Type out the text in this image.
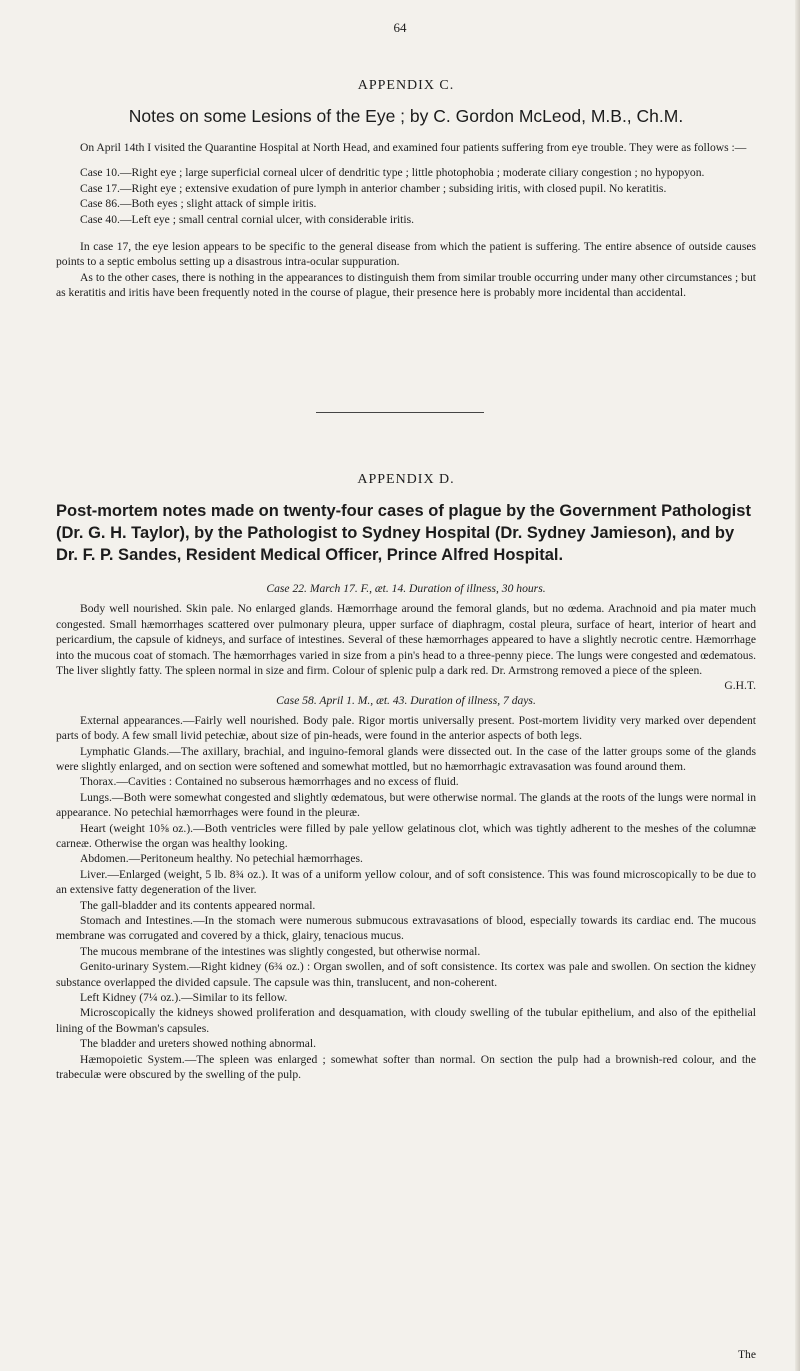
64
APPENDIX C.
Notes on some Lesions of the Eye ; by C. Gordon McLeod, M.B., Ch.M.

On April 14th I visited the Quarantine Hospital at North Head, and examined four patients suffering from eye trouble. They were as follows :—

Case 10.—Right eye ; large superficial corneal ulcer of dendritic type ; little photophobia ; moderate ciliary congestion ; no hypopyon.
Case 17.—Right eye ; extensive exudation of pure lymph in anterior chamber ; subsiding iritis, with closed pupil. No keratitis.
Case 86.—Both eyes ; slight attack of simple iritis.
Case 40.—Left eye ; small central cornial ulcer, with considerable iritis.

In case 17, the eye lesion appears to be specific to the general disease from which the patient is suffering. The entire absence of outside causes points to a septic embolus setting up a disastrous intra-ocular suppuration.

As to the other cases, there is nothing in the appearances to distinguish them from similar trouble occurring under many other circumstances ; but as keratitis and iritis have been frequently noted in the course of plague, their presence here is probably more incidental than accidental.

APPENDIX D.
Post-mortem notes made on twenty-four cases of plague by the Government Pathologist (Dr. G. H. Taylor), by the Pathologist to Sydney Hospital (Dr. Sydney Jamieson), and by Dr. F. P. Sandes, Resident Medical Officer, Prince Alfred Hospital.
Case 22. March 17. F., æt. 14. Duration of illness, 30 hours.

Body well nourished. Skin pale. No enlarged glands. Hæmorrhage around the femoral glands, but no œdema. Arachnoid and pia mater much congested. Small hæmorrhages scattered over pulmonary pleura, upper surface of diaphragm, costal pleura, surface of heart, interior of heart and pericardium, the capsule of kidneys, and surface of intestines. Several of these hæmorrhages appeared to have a slightly necrotic centre. Hæmorrhage into the mucous coat of stomach. The hæmorrhages varied in size from a pin's head to a three-penny piece. The lungs were congested and œdematous. The liver slightly fatty. The spleen normal in size and firm. Colour of splenic pulp a dark red. Dr. Armstrong removed a piece of the spleen.

G.H.T.

Case 58. April 1. M., æt. 43. Duration of illness, 7 days.

External appearances.—Fairly well nourished. Body pale. Rigor mortis universally present. Post-mortem lividity very marked over dependent parts of body. A few small livid petechiæ, about size of pin-heads, were found in the anterior aspects of both legs.

Lymphatic Glands.—The axillary, brachial, and inguino-femoral glands were dissected out. In the case of the latter groups some of the glands were slightly enlarged, and on section were softened and somewhat mottled, but no hæmorrhagic extravasation was found around them.

Thorax.—Cavities : Contained no subserous hæmorrhages and no excess of fluid.

Lungs.—Both were somewhat congested and slightly œdematous, but were otherwise normal. The glands at the roots of the lungs were normal in appearance. No petechial hæmorrhages were found in the pleuræ.

Heart (weight 10⅝ oz.).—Both ventricles were filled by pale yellow gelatinous clot, which was tightly adherent to the meshes of the columnæ carneæ. Otherwise the organ was healthy looking.

Abdomen.—Peritoneum healthy. No petechial hæmorrhages.

Liver.—Enlarged (weight, 5 lb. 8¾ oz.). It was of a uniform yellow colour, and of soft consistence. This was found microscopically to be due to an extensive fatty degeneration of the liver.

The gall-bladder and its contents appeared normal.

Stomach and Intestines.—In the stomach were numerous submucous extravasations of blood, especially towards its cardiac end. The mucous membrane was corrugated and covered by a thick, glairy, tenacious mucus.

The mucous membrane of the intestines was slightly congested, but otherwise normal.

Genito-urinary System.—Right kidney (6¾ oz.) : Organ swollen, and of soft consistence. Its cortex was pale and swollen. On section the kidney substance overlapped the divided capsule. The capsule was thin, translucent, and non-coherent.

Left Kidney (7¼ oz.).—Similar to its fellow.

Microscopically the kidneys showed proliferation and desquamation, with cloudy swelling of the tubular epithelium, and also of the epithelial lining of the Bowman's capsules.

The bladder and ureters showed nothing abnormal.

Hæmopoietic System.—The spleen was enlarged ; somewhat softer than normal. On section the pulp had a brownish-red colour, and the trabeculæ were obscured by the swelling of the pulp.

The
